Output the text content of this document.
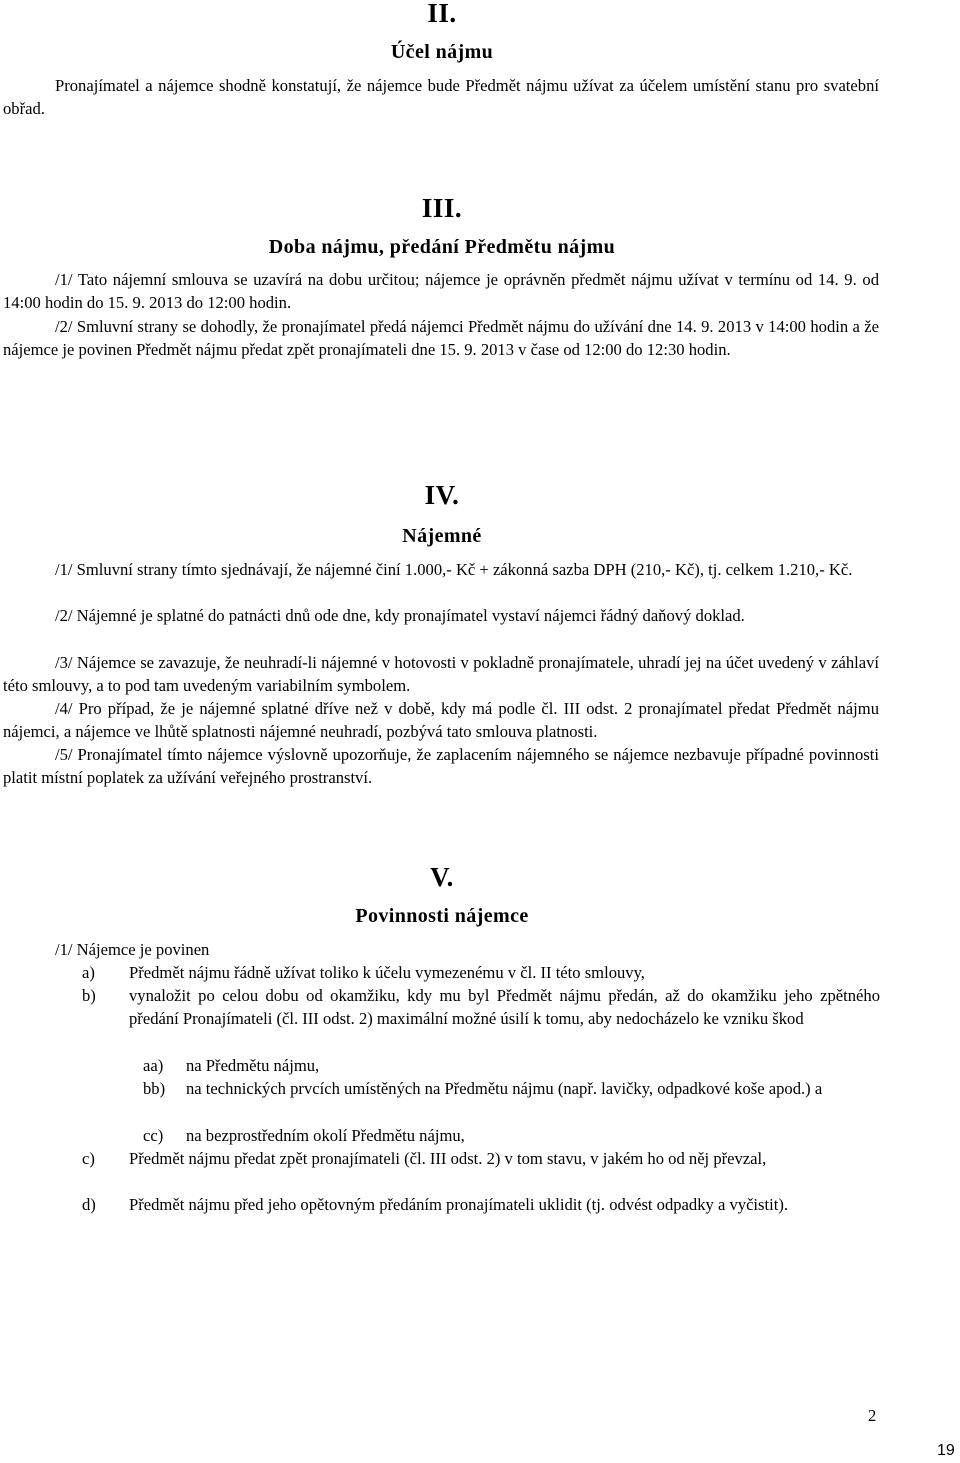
II.
Účel nájmu
Pronajímatel a nájemce shodně konstatují, že nájemce bude Předmět nájmu užívat za účelem umístění stanu pro svatební obřad.
III.
Doba nájmu, předání Předmětu nájmu
/1/ Tato nájemní smlouva se uzavírá na dobu určitou; nájemce je oprávněn předmět nájmu užívat v termínu od 14. 9. od 14:00 hodin do 15. 9. 2013 do 12:00 hodin.
/2/ Smluvní strany se dohodly, že pronajímatel předá nájemci Předmět nájmu do užívání dne 14. 9. 2013 v 14:00 hodin a že nájemce je povinen Předmět nájmu předat zpět pronajímateli dne 15. 9. 2013 v čase od 12:00 do 12:30 hodin.
IV.
Nájemné
/1/ Smluvní strany tímto sjednávají, že nájemné činí 1.000,- Kč + zákonná sazba DPH (210,- Kč), tj. celkem 1.210,- Kč.
/2/ Nájemné je splatné do patnácti dnů ode dne, kdy pronajímatel vystaví nájemci řádný daňový doklad.
/3/ Nájemce se zavazuje, že neuhradí-li nájemné v hotovosti v pokladně pronajímatele, uhradí jej na účet uvedený v záhlaví této smlouvy, a to pod tam uvedeným variabilním symbolem.
/4/ Pro případ, že je nájemné splatné dříve než v době, kdy má podle čl. III odst. 2 pronajímatel předat Předmět nájmu nájemci, a nájemce ve lhůtě splatnosti nájemné neuhradí, pozbývá tato smlouva platnosti.
/5/ Pronajímatel tímto nájemce výslovně upozorňuje, že zaplacením nájemného se nájemce nezbavuje případné povinnosti platit místní poplatek za užívání veřejného prostranství.
V.
Povinnosti nájemce
/1/ Nájemce je povinen
a) Předmět nájmu řádně užívat toliko k účelu vymezenému v čl. II této smlouvy,
b) vynaložit po celou dobu od okamžiku, kdy mu byl Předmět nájmu předán, až do okamžiku jeho zpětného předání Pronajímateli (čl. III odst. 2) maximální možné úsilí k tomu, aby nedocházelo ke vzniku škod
aa) na Předmětu nájmu,
bb) na technických prvcích umístěných na Předmětu nájmu (např. lavičky, odpadkové koše apod.) a
cc) na bezprostředním okolí Předmětu nájmu,
c) Předmět nájmu předat zpět pronajímateli (čl. III odst. 2) v tom stavu, v jakém ho od něj převzal,
d) Předmět nájmu před jeho opětovným předáním pronajímateli uklidit (tj. odvést odpadky a vyčistit).
2
19
